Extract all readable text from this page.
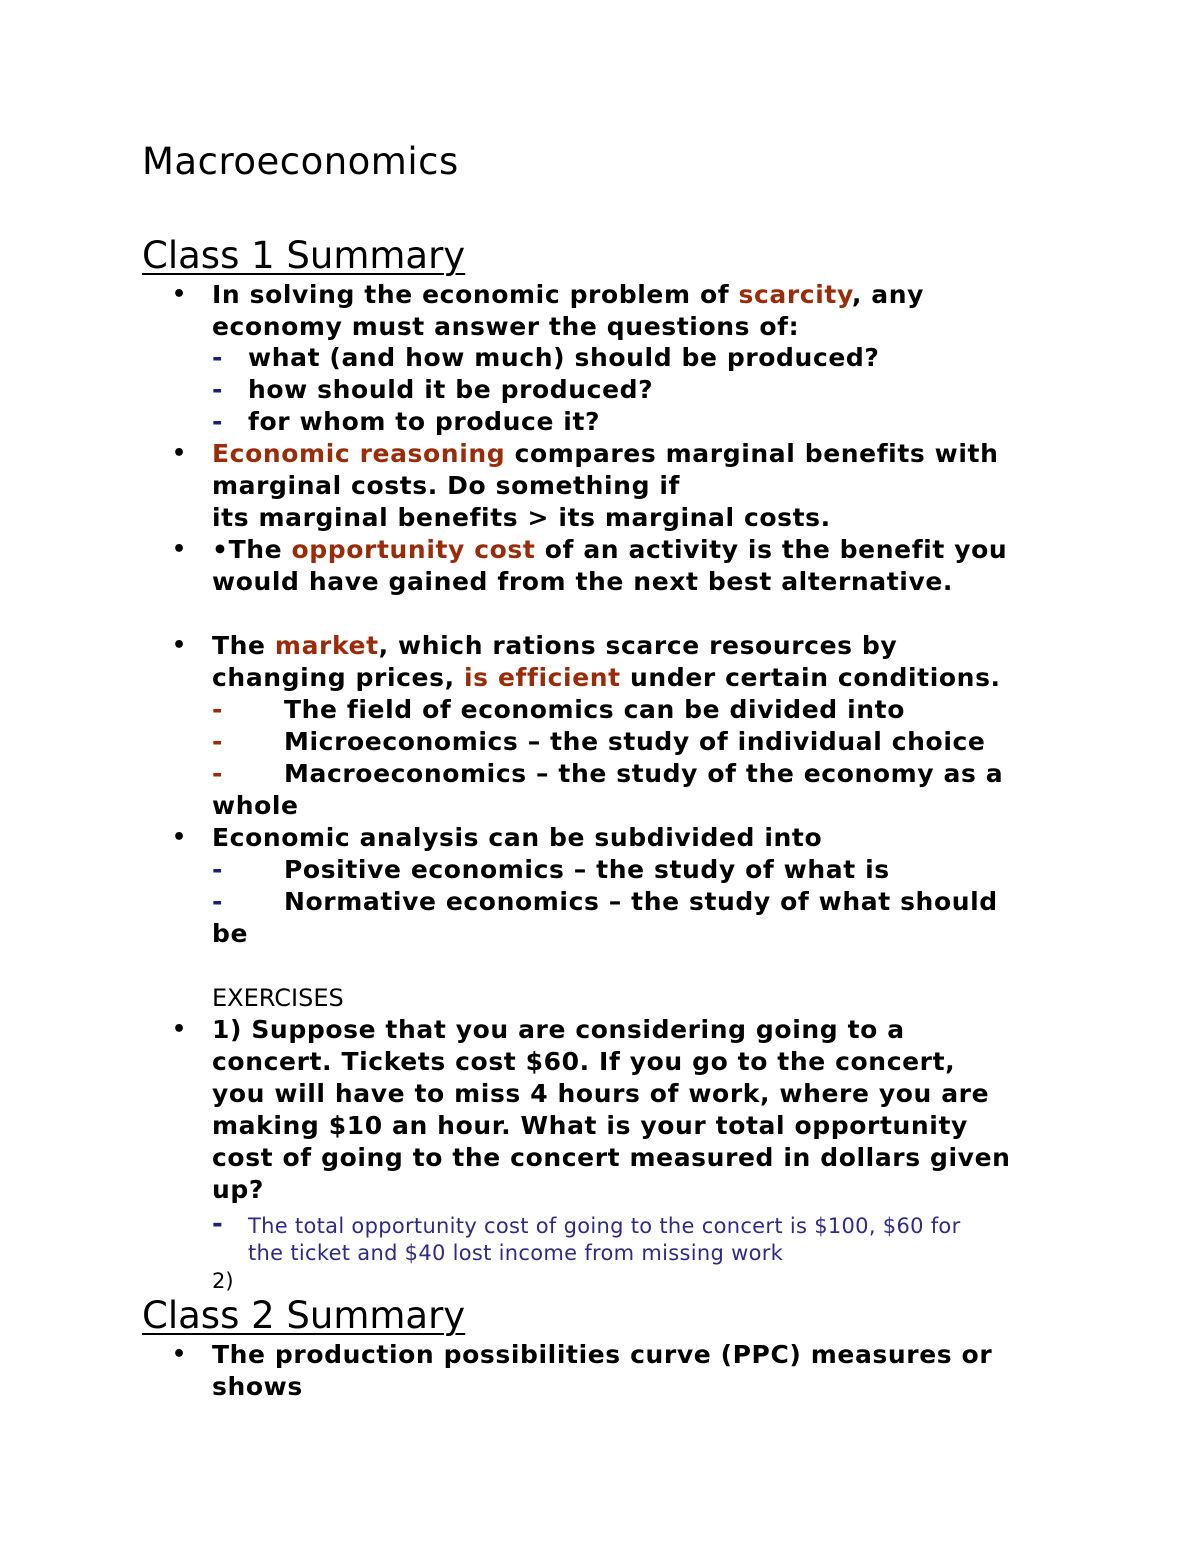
Macroeconomics
Class 1 Summary
• In solving the economic problem of scarcity, any
economy must answer the questions of:
- what (and how much) should be produced?
- how should it be produced?
- for whom to produce it?
• Economic reasoning compares marginal benefits with
marginal costs. Do something if
its marginal benefits > its marginal costs.
• •The opportunity cost of an activity is the benefit you
would have gained from the next best alternative.
• The market, which rations scarce resources by
changing prices, is efficient under certain conditions.
- The field of economics can be divided into
- Microeconomics – the study of individual choice
- Macroeconomics – the study of the economy as a
whole
• Economic analysis can be subdivided into
- Positive economics – the study of what is
- Normative economics – the study of what should
be
EXERCISES
• 1) Suppose that you are considering going to a
concert. Tickets cost $60. If you go to the concert,
you will have to miss 4 hours of work, where you are
making $10 an hour. What is your total opportunity
cost of going to the concert measured in dollars given
up?
- The total opportunity cost of going to the concert is $100, $60 for
the ticket and $40 lost income from missing work
2)
Class 2 Summary
• The production possibilities curve (PPC) measures or
shows
